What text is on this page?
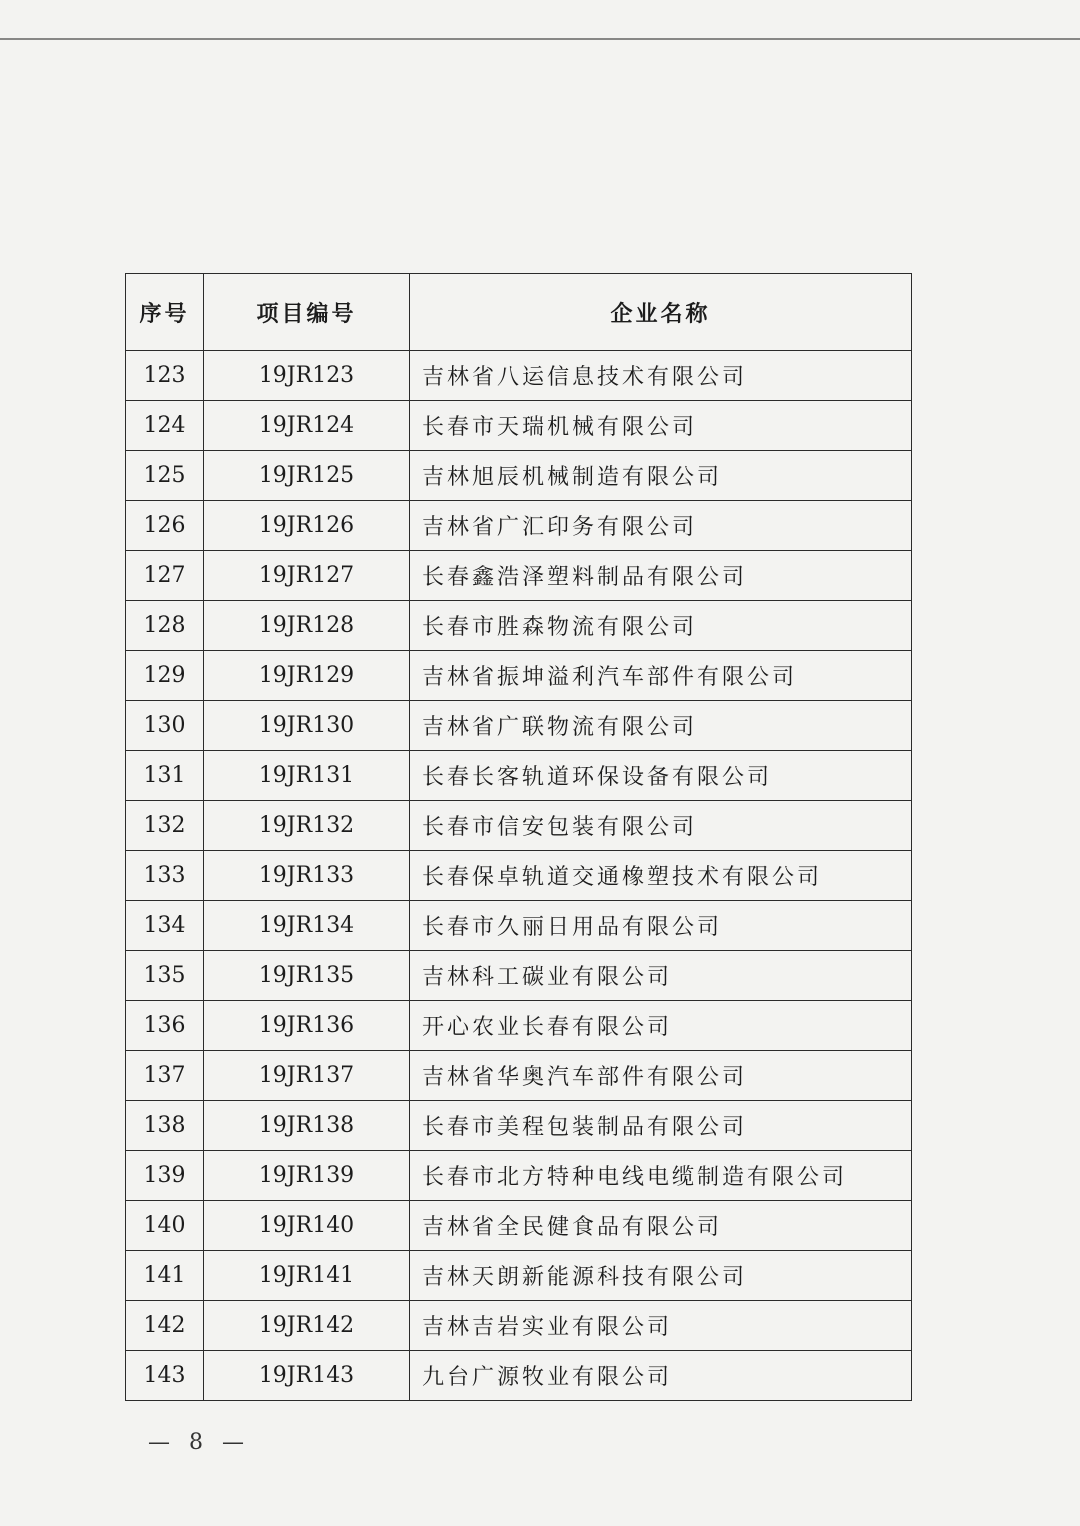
序号	项目编号	企业名称
123	19JR123	吉林省八运信息技术有限公司
124	19JR124	长春市天瑞机械有限公司
125	19JR125	吉林旭辰机械制造有限公司
126	19JR126	吉林省广汇印务有限公司
127	19JR127	长春鑫浩泽塑料制品有限公司
128	19JR128	长春市胜森物流有限公司
129	19JR129	吉林省振坤溢利汽车部件有限公司
130	19JR130	吉林省广联物流有限公司
131	19JR131	长春长客轨道环保设备有限公司
132	19JR132	长春市信安包装有限公司
133	19JR133	长春保卓轨道交通橡塑技术有限公司
134	19JR134	长春市久丽日用品有限公司
135	19JR135	吉林科工碳业有限公司
136	19JR136	开心农业长春有限公司
137	19JR137	吉林省华奥汽车部件有限公司
138	19JR138	长春市美程包装制品有限公司
139	19JR139	长春市北方特种电线电缆制造有限公司
140	19JR140	吉林省全民健食品有限公司
141	19JR141	吉林天朗新能源科技有限公司
142	19JR142	吉林吉岩实业有限公司
143	19JR143	九台广源牧业有限公司
— 8 —
